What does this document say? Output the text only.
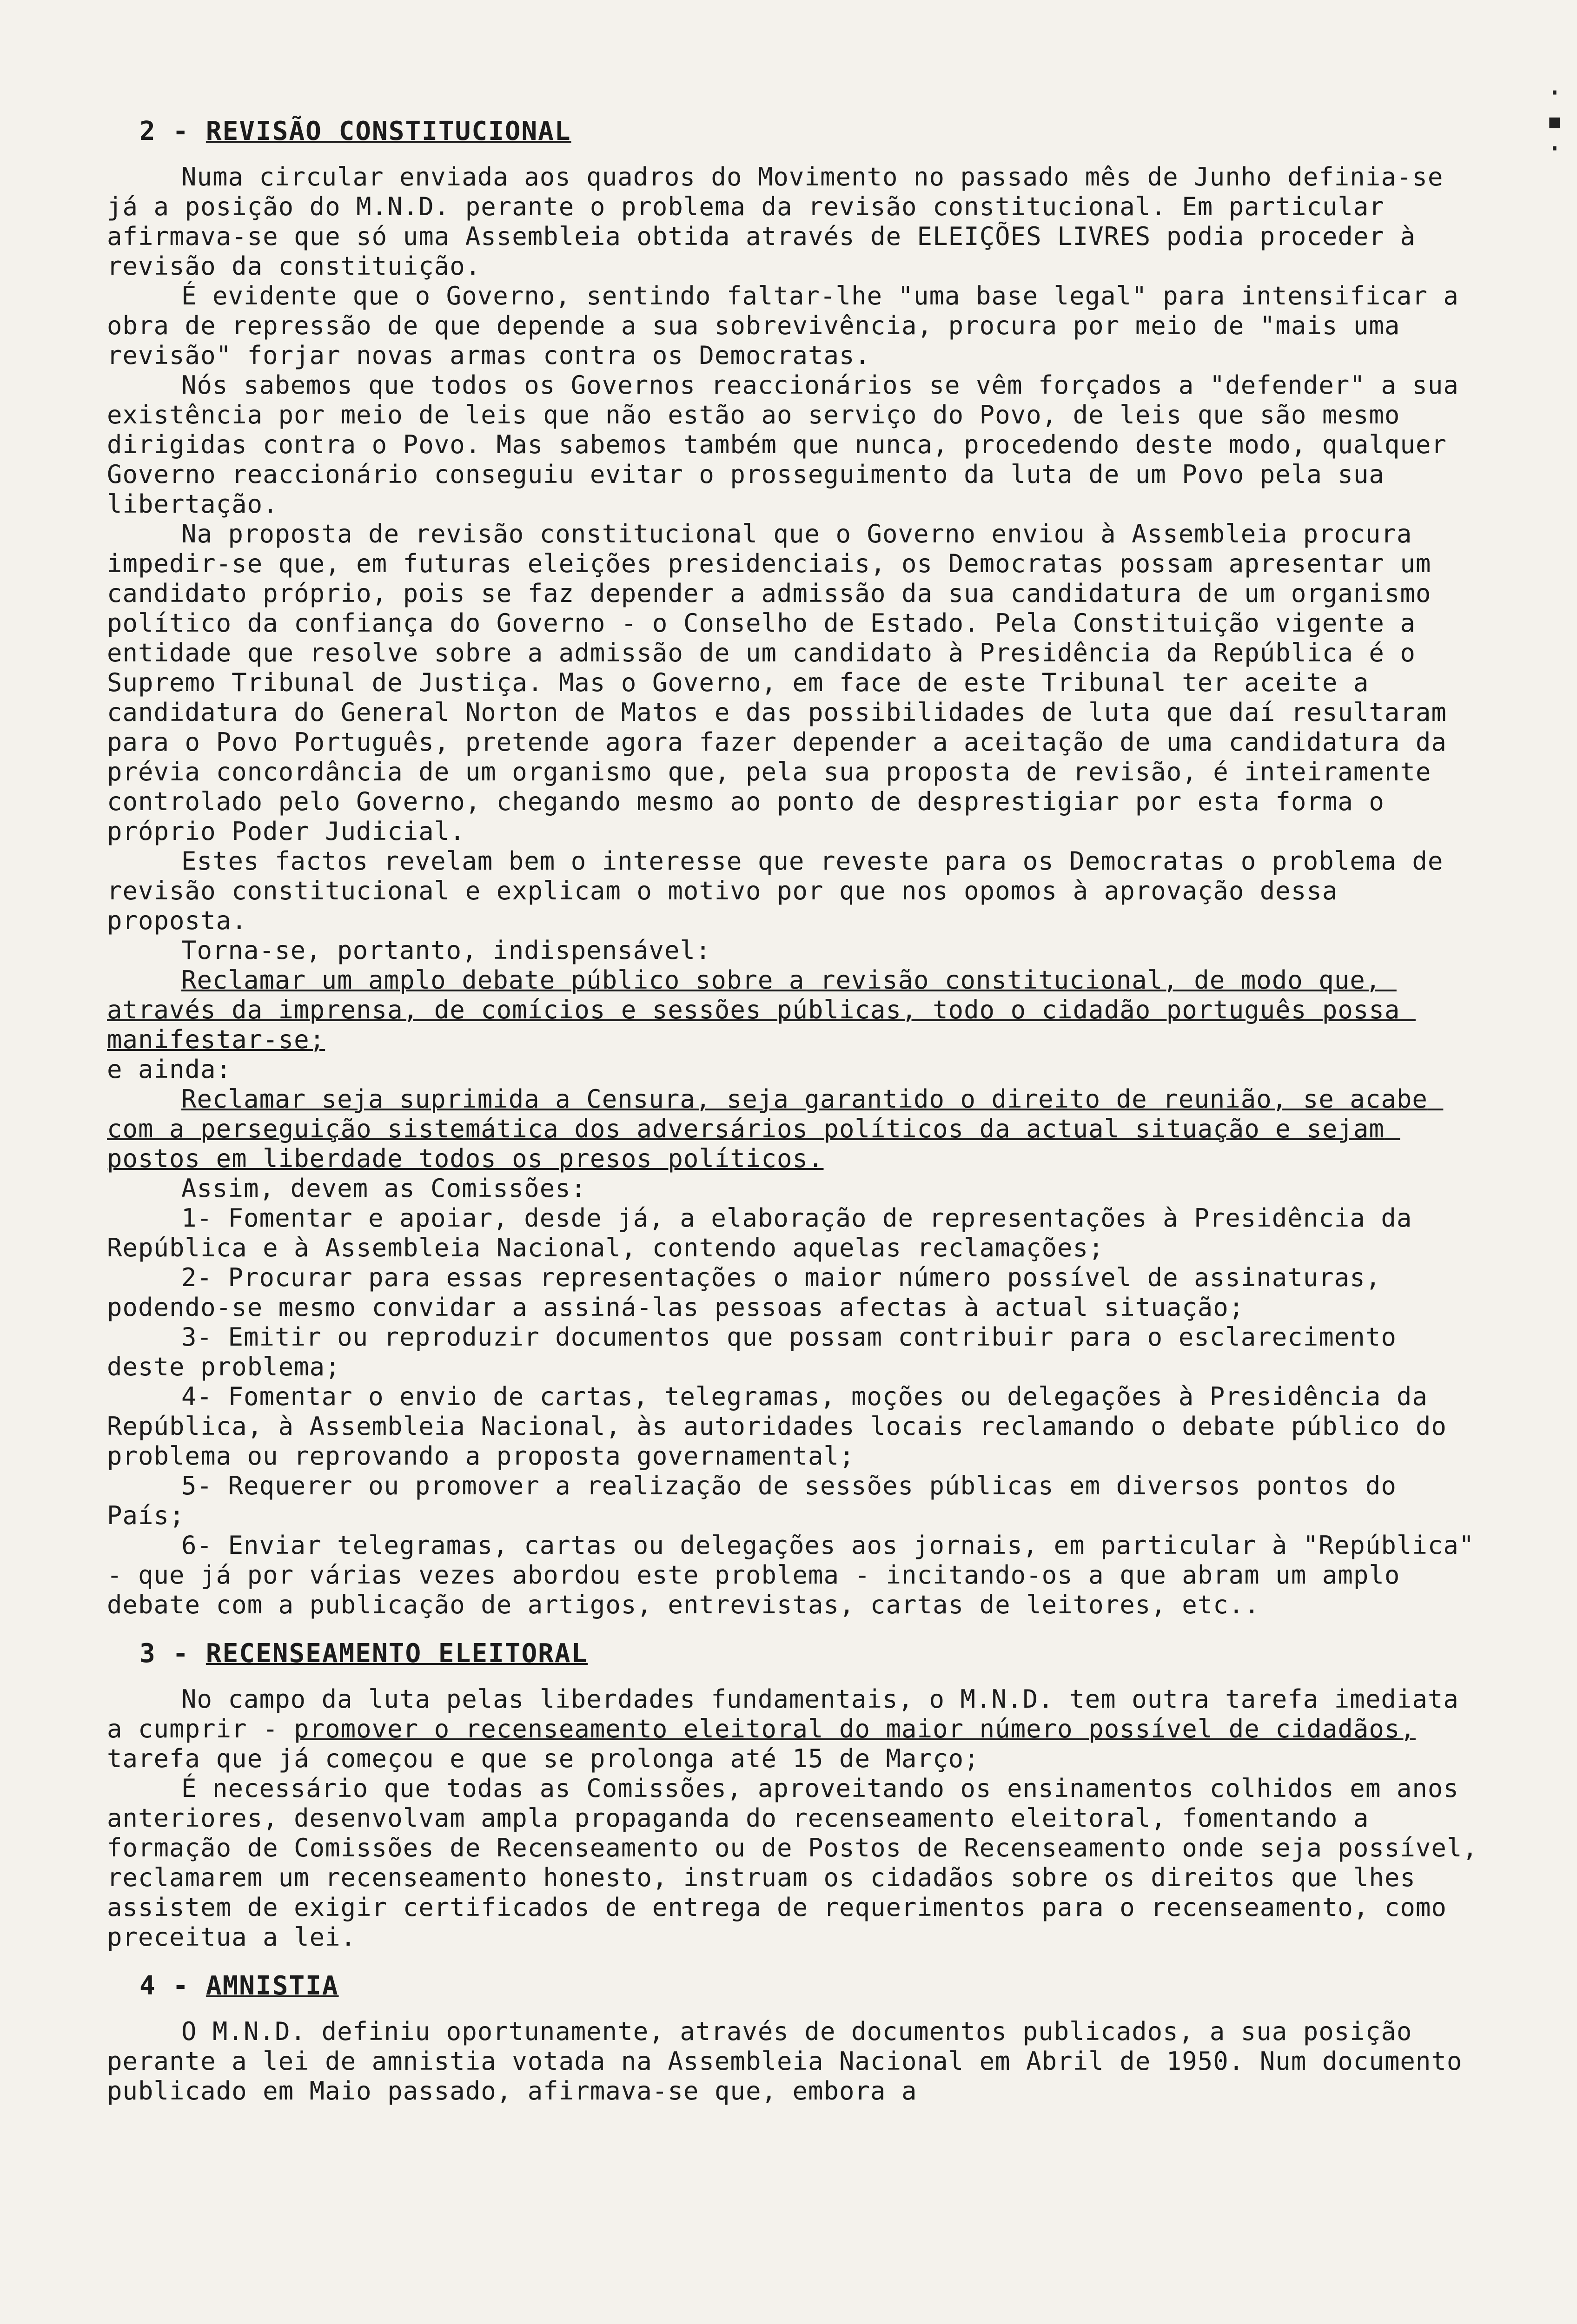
·
▪
·
2 - REVISÃO CONSTITUCIONAL

Numa circular enviada aos quadros do Movimento no passado mês de Junho definia-se já a posição do M.N.D. perante o problema da revisão constitucional. Em particular afirmava-se que só uma Assembleia obtida através de ELEIÇÕES LIVRES podia proceder à revisão da constituição.

É evidente que o Governo, sentindo faltar-lhe "uma base legal" para intensificar a obra de repressão de que depende a sua sobrevivência, procura por meio de "mais uma revisão" forjar novas armas contra os Democratas.

Nós sabemos que todos os Governos reaccionários se vêm forçados a "defender" a sua existência por meio de leis que não estão ao serviço do Povo, de leis que são mesmo dirigidas contra o Povo. Mas sabemos também que nunca, procedendo deste modo, qualquer Governo reaccionário conseguiu evitar o prosseguimento da luta de um Povo pela sua libertação.

Na proposta de revisão constitucional que o Governo enviou à Assembleia procura impedir-se que, em futuras eleições presidenciais, os Democratas possam apresentar um candidato próprio, pois se faz depender a admissão da sua candidatura de um organismo político da confiança do Governo - o Conselho de Estado. Pela Constituição vigente a entidade que resolve sobre a admissão de um candidato à Presidência da República é o Supremo Tribunal de Justiça. Mas o Governo, em face de este Tribunal ter aceite a candidatura do General Norton de Matos e das possibilidades de luta que daí resultaram para o Povo Português, pretende agora fazer depender a aceitação de uma candidatura da prévia concordância de um organismo que, pela sua proposta de revisão, é inteiramente controlado pelo Governo, chegando mesmo ao ponto de desprestigiar por esta forma o próprio Poder Judicial.

Estes factos revelam bem o interesse que reveste para os Democratas o problema de revisão constitucional e explicam o motivo por que nos opomos à aprovação dessa proposta.

Torna-se, portanto, indispensável:

Reclamar um amplo debate público sobre a revisão constitucional, de modo que, através da imprensa, de comícios e sessões públicas, todo o cidadão português possa manifestar-se;

e ainda:

Reclamar seja suprimida a Censura, seja garantido o direito de reunião, se acabe com a perseguição sistemática dos adversários políticos da actual situação e sejam postos em liberdade todos os presos políticos.

Assim, devem as Comissões:

1- Fomentar e apoiar, desde já, a elaboração de representações à Presidência da República e à Assembleia Nacional, contendo aquelas reclamações;

2- Procurar para essas representações o maior número possível de assinaturas, podendo-se mesmo convidar a assiná-las pessoas afectas à actual situação;

3- Emitir ou reproduzir documentos que possam contribuir para o esclarecimento deste problema;

4- Fomentar o envio de cartas, telegramas, moções ou delegações à Presidência da República, à Assembleia Nacional, às autoridades locais reclamando o debate público do problema ou reprovando a proposta governamental;

5- Requerer ou promover a realização de sessões públicas em diversos pontos do País;

6- Enviar telegramas, cartas ou delegações aos jornais, em particular à "República" - que já por várias vezes abordou este problema - incitando-os a que abram um amplo debate com a publicação de artigos, entrevistas, cartas de leitores, etc..

3 - RECENSEAMENTO ELEITORAL

No campo da luta pelas liberdades fundamentais, o M.N.D. tem outra tarefa imediata a cumprir - promover o recenseamento eleitoral do maior número possível de cidadãos, tarefa que já começou e que se prolonga até 15 de Março;

É necessário que todas as Comissões, aproveitando os ensinamentos colhidos em anos anteriores, desenvolvam ampla propaganda do recenseamento eleitoral, fomentando a formação de Comissões de Recenseamento ou de Postos de Recenseamento onde seja possível, reclamarem um recenseamento honesto, instruam os cidadãos sobre os direitos que lhes assistem de exigir certificados de entrega de requerimentos para o recenseamento, como preceitua a lei.

4 - AMNISTIA

O M.N.D. definiu oportunamente, através de documentos publicados, a sua posição perante a lei de amnistia votada na Assembleia Nacional em Abril de 1950. Num documento publicado em Maio passado, afirmava-se que, embora a
